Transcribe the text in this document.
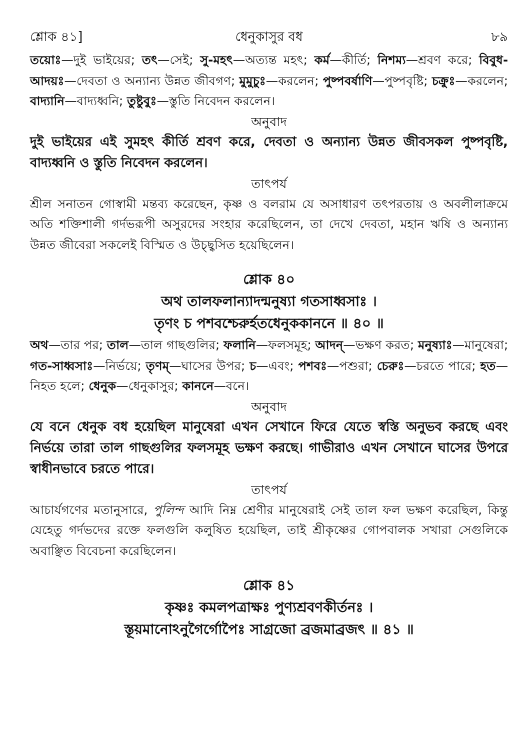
শ্লোক ৪১]	ধেনুকাসুর বধ	৮৯

তয়োঃ—দুই ভাইয়ের; তৎ—সেই; সু-মহৎ—অত্যন্ত মহৎ; কর্ম—কীর্তি; নিশম্য—শ্রবণ করে; বিবুধ-আদয়ঃ—দেবতা ও অন্যান্য উন্নত জীবগণ; মুমুচুঃ—করলেন; পুষ্পবর্ষাণি—পুষ্পবৃষ্টি; চক্রুঃ—করলেন; বাদ্যানি—বাদ্যধ্বনি; তুষ্টুবুঃ—স্তুতি নিবেদন করলেন।

অনুবাদ

দুই ভাইয়ের এই সুমহৎ কীর্তি শ্রবণ করে, দেবতা ও অন্যান্য উন্নত জীবসকল পুষ্পবৃষ্টি, বাদ্যধ্বনি ও স্তুতি নিবেদন করলেন।

তাৎপর্য

শ্রীল সনাতন গোস্বামী মন্তব্য করেছেন, কৃষ্ণ ও বলরাম যে অসাধারণ তৎপরতায় ও অবলীলাক্রমে অতি শক্তিশালী গর্দভরূপী অসুরদের সংহার করেছিলেন, তা দেখে দেবতা, মহান ঋষি ও অন্যান্য উন্নত জীবেরা সকলেই বিস্মিত ও উচ্ছ্বসিত হয়েছিলেন।

শ্লোক ৪০
অথ তালফলান্যাদন্মনুষ্যা গতসাধ্বসাঃ ।
তৃণং চ পশবশ্চেরুর্হতধেনুককাননে ॥ ৪০ ॥

অথ—তার পর; তাল—তাল গাছগুলির; ফলানি—ফলসমূহ; আদন্—ভক্ষণ করত; মনুষ্যাঃ—মানুষেরা; গত-সাধ্বসাঃ—নির্ভয়ে; তৃণম্—ঘাসের উপর; চ—এবং; পশবঃ—পশুরা; চেরুঃ—চরতে পারে; হত—নিহত হলে; ধেনুক—ধেনুকাসুর; কাননে—বনে।

অনুবাদ

যে বনে ধেনুক বধ হয়েছিল মানুষেরা এখন সেখানে ফিরে যেতে স্বস্তি অনুভব করছে এবং নির্ভয়ে তারা তাল গাছগুলির ফলসমূহ ভক্ষণ করছে। গাভীরাও এখন সেখানে ঘাসের উপরে স্বাধীনভাবে চরতে পারে।

তাৎপর্য

আচার্যগণের মতানুসারে, পুলিন্দ আদি নিম্ন শ্রেণীর মানুষেরাই সেই তাল ফল ভক্ষণ করেছিল, কিন্তু যেহেতু গর্দভদের রক্তে ফলগুলি কলুষিত হয়েছিল, তাই শ্রীকৃষ্ণের গোপবালক সখারা সেগুলিকে অবাঞ্ছিত বিবেচনা করেছিলেন।

শ্লোক ৪১
কৃষ্ণঃ কমলপত্রাক্ষঃ পুণ্যশ্রবণকীর্তনঃ ।
স্তূয়মানোঽনুগৈর্গোপৈঃ সাগ্রজো ব্রজমাব্রজৎ ॥ ৪১ ॥
